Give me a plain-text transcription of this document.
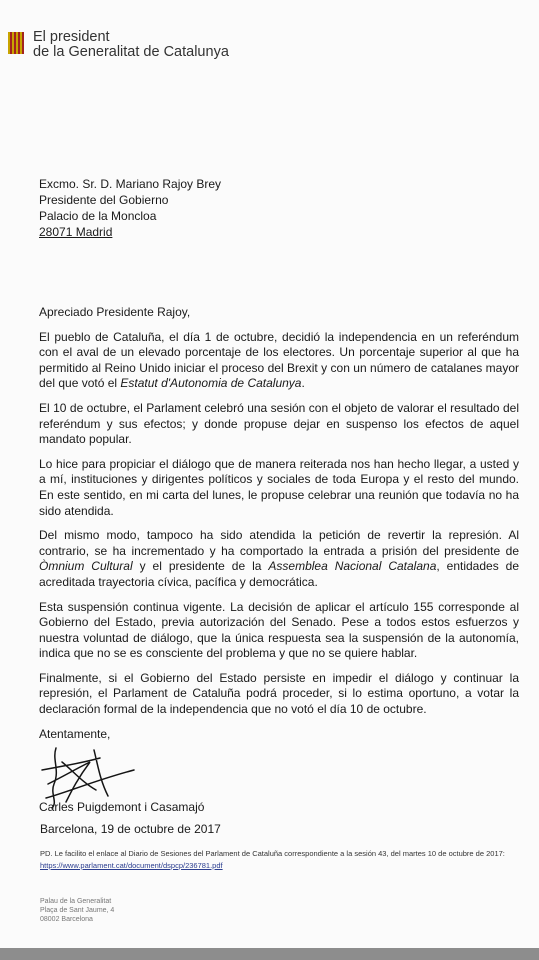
El president
de la Generalitat de Catalunya
Excmo. Sr. D. Mariano Rajoy Brey
Presidente del Gobierno
Palacio de la Moncloa
28071 Madrid

Apreciado Presidente Rajoy,

El pueblo de Cataluña, el día 1 de octubre, decidió la independencia en un referéndum con el aval de un elevado porcentaje de los electores. Un porcentaje superior al que ha permitido al Reino Unido iniciar el proceso del Brexit y con un número de catalanes mayor del que votó el Estatut d'Autonomia de Catalunya.

El 10 de octubre, el Parlament celebró una sesión con el objeto de valorar el resultado del referéndum y sus efectos; y donde propuse dejar en suspenso los efectos de aquel mandato popular.

Lo hice para propiciar el diálogo que de manera reiterada nos han hecho llegar, a usted y a mí, instituciones y dirigentes políticos y sociales de toda Europa y el resto del mundo. En este sentido, en mi carta del lunes, le propuse celebrar una reunión que todavía no ha sido atendida.

Del mismo modo, tampoco ha sido atendida la petición de revertir la represión. Al contrario, se ha incrementado y ha comportado la entrada a prisión del presidente de Òmnium Cultural y el presidente de la Assemblea Nacional Catalana, entidades de acreditada trayectoria cívica, pacífica y democrática.

Esta suspensión continua vigente. La decisión de aplicar el artículo 155 corresponde al Gobierno del Estado, previa autorización del Senado. Pese a todos estos esfuerzos y nuestra voluntad de diálogo, que la única respuesta sea la suspensión de la autonomía, indica que no se es consciente del problema y que no se quiere hablar.

Finalmente, si el Gobierno del Estado persiste en impedir el diálogo y continuar la represión, el Parlament de Cataluña podrá proceder, si lo estima oportuno, a votar la declaración formal de la independencia que no votó el día 10 de octubre.

Atentamente,
Carles Puigdemont i Casamajó
Barcelona, 19 de octubre de 2017
PD. Le facilito el enlace al Diario de Sesiones del Parlament de Cataluña correspondiente a la sesión 43, del martes 10 de octubre de 2017: https://www.parlament.cat/document/dspcp/236781.pdf
Palau de la Generalitat
Plaça de Sant Jaume, 4
08002 Barcelona
